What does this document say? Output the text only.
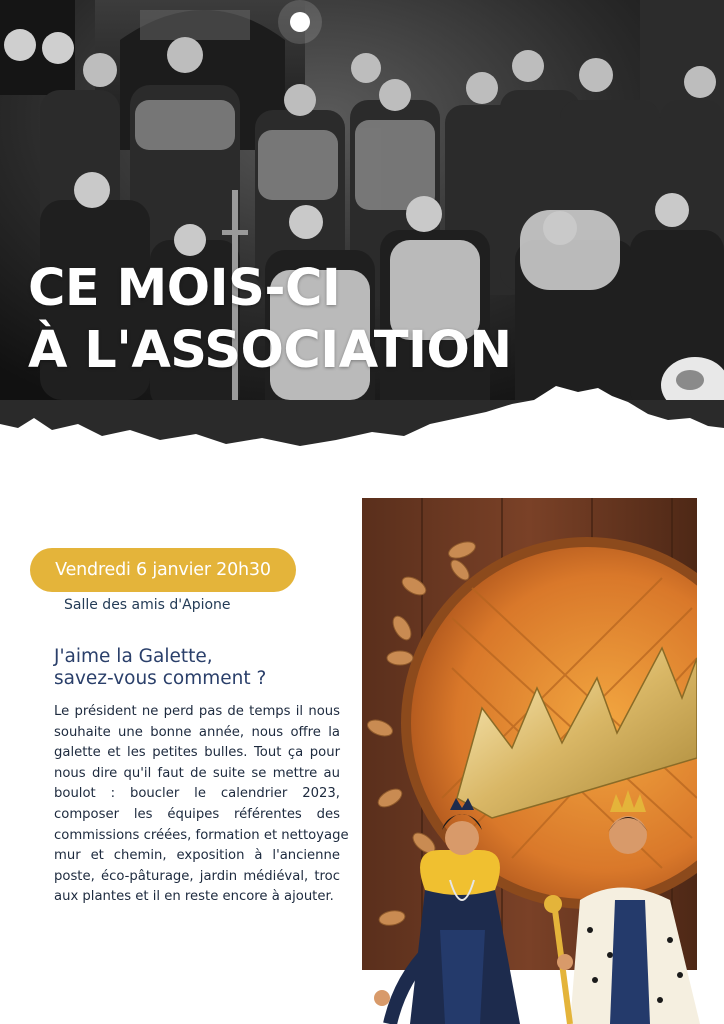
CE MOIS-CI
À L'ASSOCIATION
Vendredi 6 janvier 20h30
Salle des amis d'Apione
J'aime la Galette,
savez-vous comment ?

Le président ne perd pas de temps il nous
souhaite une bonne année, nous offre la
galette et les petites bulles. Tout ça pour
nous dire qu'il faut de suite se mettre au
boulot : boucler le calendrier 2023,
composer les équipes référentes des
commissions créées, formation et nettoyage
mur et chemin, exposition à l'ancienne
poste, éco-pâturage, jardin médiéval, troc
aux plantes et il en reste encore à ajouter.
